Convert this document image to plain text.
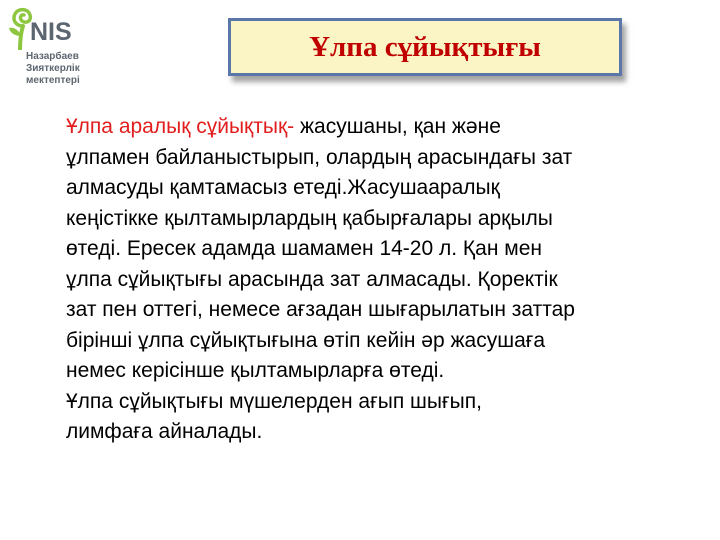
NIS
Назарбаев
Зияткерлік
мектептері
Ұлпа сұйықтығы
Ұлпа аралық сұйықтық- жасушаны, қан және
ұлпамен байланыстырып, олардың арасындағы зат
алмасуды қамтамасыз етеді.Жасушааралық
кеңістікке қылтамырлардың қабырғалары арқылы
өтеді. Ересек адамда шамамен 14-20 л. Қан мен
ұлпа сұйықтығы арасында зат алмасады. Қоректік
зат пен оттегі, немесе ағзадан шығарылатын заттар
бірінші ұлпа сұйықтығына өтіп кейін әр жасушаға
немес керісінше қылтамырларға өтеді.
Ұлпа сұйықтығы мүшелерден ағып шығып,
лимфаға айналады.
